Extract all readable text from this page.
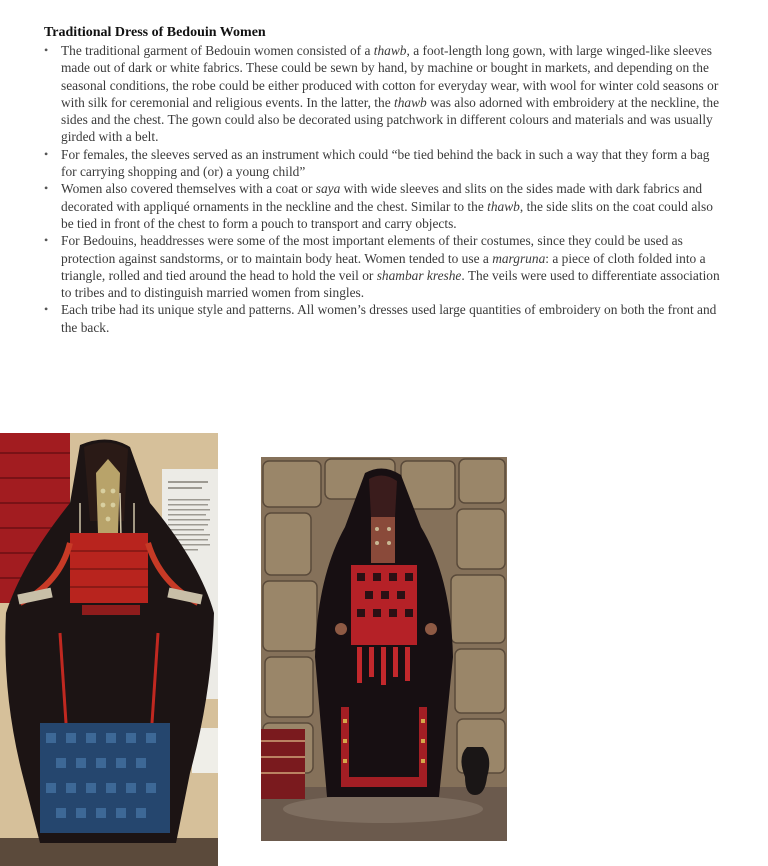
Traditional Dress of Bedouin Women
• The traditional garment of Bedouin women consisted of a thawb, a foot-length long gown, with large winged-like sleeves made out of dark or white fabrics. These could be sewn by hand, by machine or bought in markets, and depending on the seasonal conditions, the robe could be either produced with cotton for everyday wear, with wool for winter cold seasons or with silk for ceremonial and religious events. In the latter, the thawb was also adorned with embroidery at the neckline, the sides and the chest. The gown could also be decorated using patchwork in different colours and materials and was usually girded with a belt.
• For females, the sleeves served as an instrument which could “be tied behind the back in such a way that they form a bag for carrying shopping and (or) a young child”
• Women also covered themselves with a coat or saya with wide sleeves and slits on the sides made with dark fabrics and decorated with appliqué ornaments in the neckline and the chest. Similar to the thawb, the side slits on the coat could also be tied in front of the chest to form a pouch to transport and carry objects.
• For Bedouins, headdresses were some of the most important elements of their costumes, since they could be used as protection against sandstorms, or to maintain body heat. Women tended to use a margruna: a piece of cloth folded into a triangle, rolled and tied around the head to hold the veil or shambar kreshe. The veils were used to differentiate association to tribes and to distinguish married women from singles.
• Each tribe had its unique style and patterns. All women’s dresses used large quantities of embroidery on both the front and the back.
